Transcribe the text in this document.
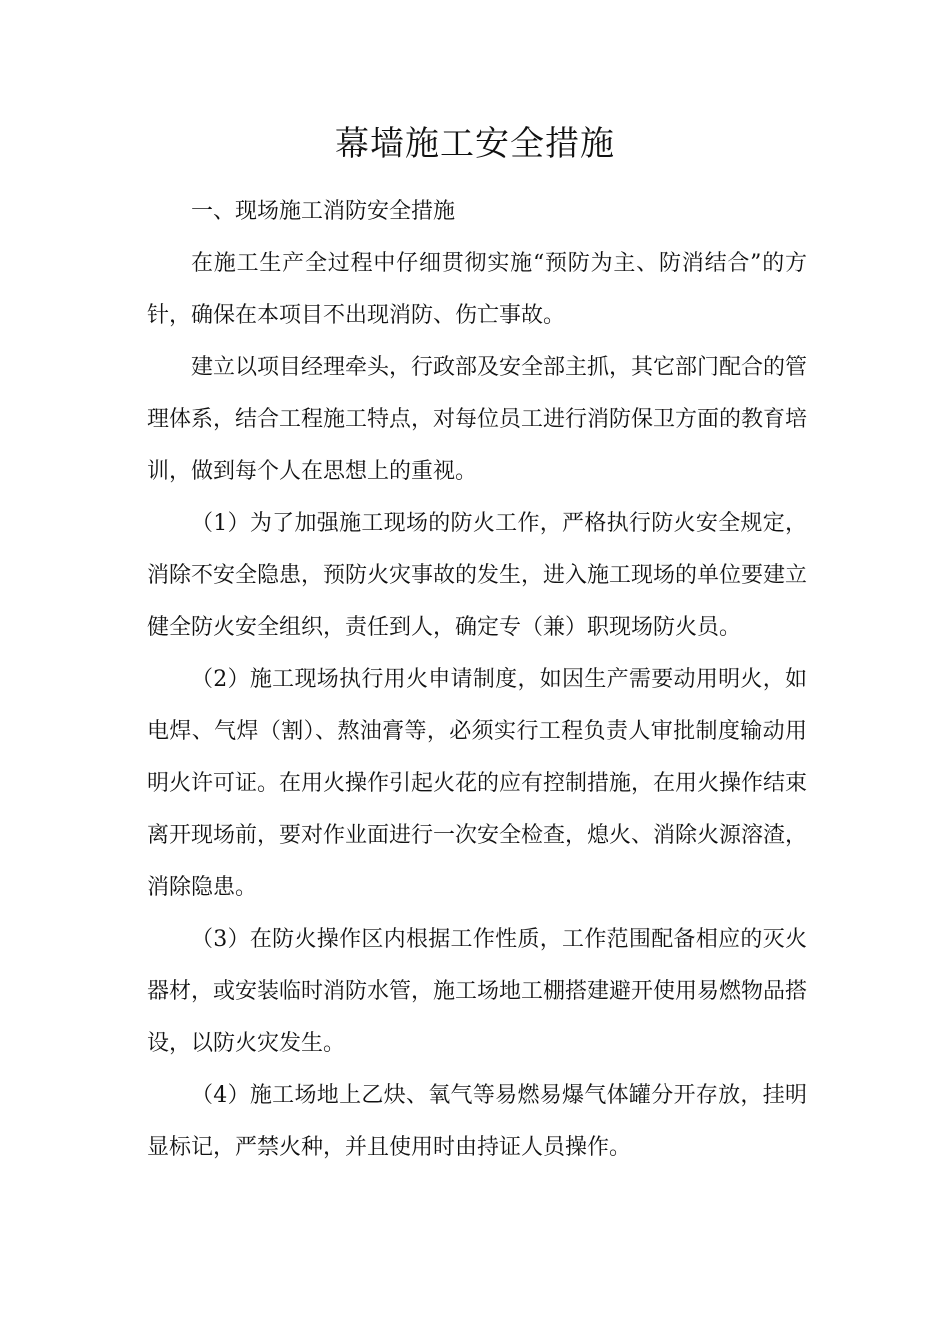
幕墙施工安全措施

一、现场施工消防安全措施

在施工生产全过程中仔细贯彻实施“预防为主、防消结合”的方针，确保在本项目不出现消防、伤亡事故。

建立以项目经理牵头，行政部及安全部主抓，其它部门配合的管理体系，结合工程施工特点，对每位员工进行消防保卫方面的教育培训，做到每个人在思想上的重视。

（1）为了加强施工现场的防火工作，严格执行防火安全规定，消除不安全隐患，预防火灾事故的发生，进入施工现场的单位要建立健全防火安全组织，责任到人，确定专（兼）职现场防火员。

（2）施工现场执行用火申请制度，如因生产需要动用明火，如电焊、气焊（割）、熬油膏等，必须实行工程负责人审批制度输动用明火许可证。在用火操作引起火花的应有控制措施，在用火操作结束离开现场前，要对作业面进行一次安全检查，熄火、消除火源溶渣，消除隐患。

（3）在防火操作区内根据工作性质，工作范围配备相应的灭火器材，或安装临时消防水管，施工场地工棚搭建避开使用易燃物品搭设，以防火灾发生。

（4）施工场地上乙炔、氧气等易燃易爆气体罐分开存放，挂明显标记，严禁火种，并且使用时由持证人员操作。
